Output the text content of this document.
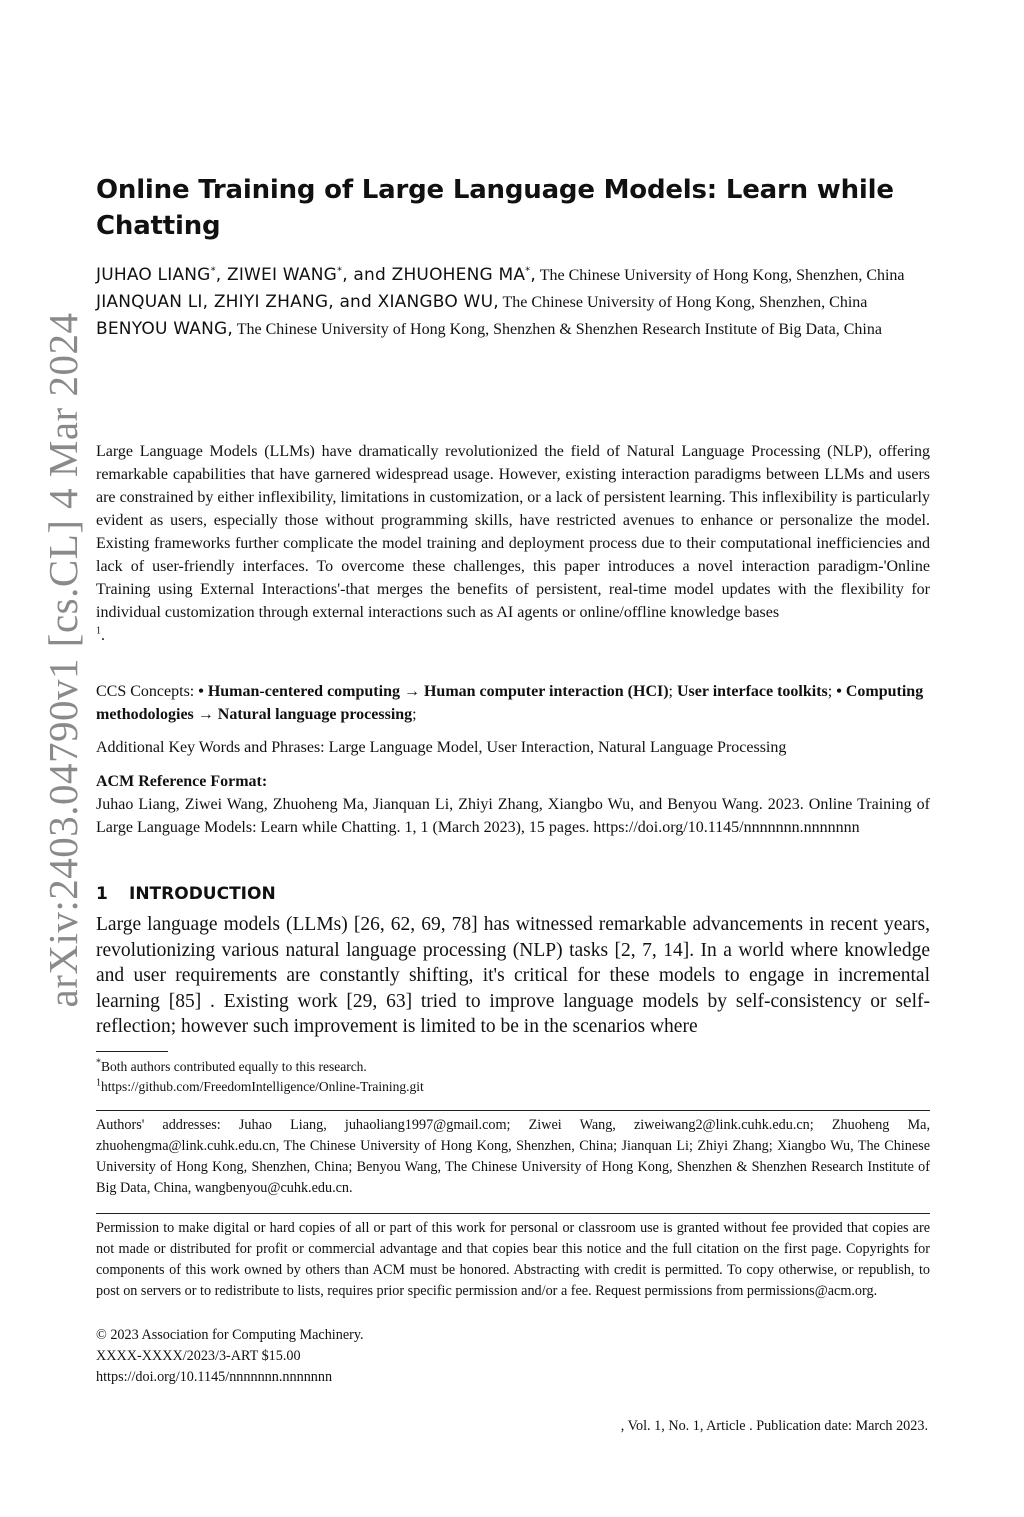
arXiv:2403.04790v1 [cs.CL] 4 Mar 2024
Online Training of Large Language Models: Learn while Chatting
JUHAO LIANG*, ZIWEI WANG*, and ZHUOHENG MA*, The Chinese University of Hong Kong, Shenzhen, China
JIANQUAN LI, ZHIYI ZHANG, and XIANGBO WU, The Chinese University of Hong Kong, Shenzhen, China
BENYOU WANG, The Chinese University of Hong Kong, Shenzhen & Shenzhen Research Institute of Big Data, China
Large Language Models (LLMs) have dramatically revolutionized the field of Natural Language Processing (NLP), offering remarkable capabilities that have garnered widespread usage. However, existing interaction paradigms between LLMs and users are constrained by either inflexibility, limitations in customization, or a lack of persistent learning. This inflexibility is particularly evident as users, especially those without programming skills, have restricted avenues to enhance or personalize the model. Existing frameworks further complicate the model training and deployment process due to their computational inefficiencies and lack of user-friendly interfaces. To overcome these challenges, this paper introduces a novel interaction paradigm-'Online Training using External Interactions'-that merges the benefits of persistent, real-time model updates with the flexibility for individual customization through external interactions such as AI agents or online/offline knowledge bases
$^1$.
CCS Concepts: • Human-centered computing → Human computer interaction (HCI); User interface toolkits; • Computing methodologies → Natural language processing;
Additional Key Words and Phrases: Large Language Model, User Interaction, Natural Language Processing
ACM Reference Format:
Juhao Liang, Ziwei Wang, Zhuoheng Ma, Jianquan Li, Zhiyi Zhang, Xiangbo Wu, and Benyou Wang. 2023. Online Training of Large Language Models: Learn while Chatting. 1, 1 (March 2023), 15 pages. https://doi.org/10.1145/nnnnnnn.nnnnnnn
1 INTRODUCTION
Large language models (LLMs) [26, 62, 69, 78] has witnessed remarkable advancements in recent years, revolutionizing various natural language processing (NLP) tasks [2, 7, 14]. In a world where knowledge and user requirements are constantly shifting, it's critical for these models to engage in incremental learning [85] . Existing work [29, 63] tried to improve language models by self-consistency or self-reflection; however such improvement is limited to be in the scenarios where
*Both authors contributed equally to this research.
$^1$https://github.com/FreedomIntelligence/Online-Training.git
Authors' addresses: Juhao Liang, juhaoliang1997@gmail.com; Ziwei Wang, ziweiwang2@link.cuhk.edu.cn; Zhuoheng Ma, zhuohengma@link.cuhk.edu.cn, The Chinese University of Hong Kong, Shenzhen, China; Jianquan Li; Zhiyi Zhang; Xiangbo Wu, The Chinese University of Hong Kong, Shenzhen, China; Benyou Wang, The Chinese University of Hong Kong, Shenzhen & Shenzhen Research Institute of Big Data, China, wangbenyou@cuhk.edu.cn.
Permission to make digital or hard copies of all or part of this work for personal or classroom use is granted without fee provided that copies are not made or distributed for profit or commercial advantage and that copies bear this notice and the full citation on the first page. Copyrights for components of this work owned by others than ACM must be honored. Abstracting with credit is permitted. To copy otherwise, or republish, to post on servers or to redistribute to lists, requires prior specific permission and/or a fee. Request permissions from permissions@acm.org.
© 2023 Association for Computing Machinery.
XXXX-XXXX/2023/3-ART $15.00
https://doi.org/10.1145/nnnnnnn.nnnnnnn
, Vol. 1, No. 1, Article . Publication date: March 2023.
